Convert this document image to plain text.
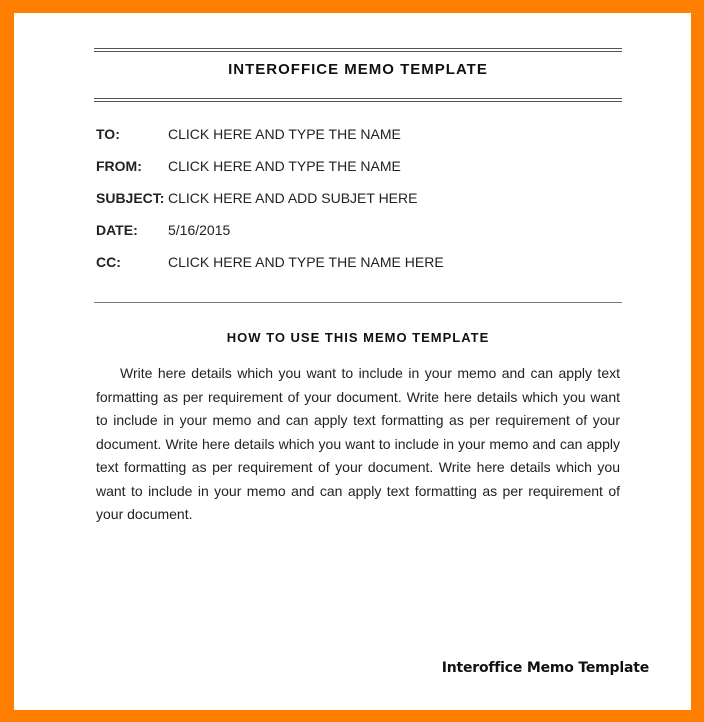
INTEROFFICE MEMO TEMPLATE
TO:	CLICK HERE AND TYPE THE NAME
FROM: CLICK HERE AND TYPE THE NAME
SUBJECT: CLICK HERE AND ADD SUBJET HERE
DATE: 5/16/2015
CC:	CLICK HERE AND TYPE THE NAME HERE
HOW TO USE THIS MEMO TEMPLATE

Write here details which you want to include in your memo and can apply text formatting as per requirement of your document. Write here details which you want to include in your memo and can apply text formatting as per requirement of your document. Write here details which you want to include in your memo and can apply text formatting as per requirement of your document. Write here details which you want to include in your memo and can apply text formatting as per requirement of your document.

Interoffice Memo Template
